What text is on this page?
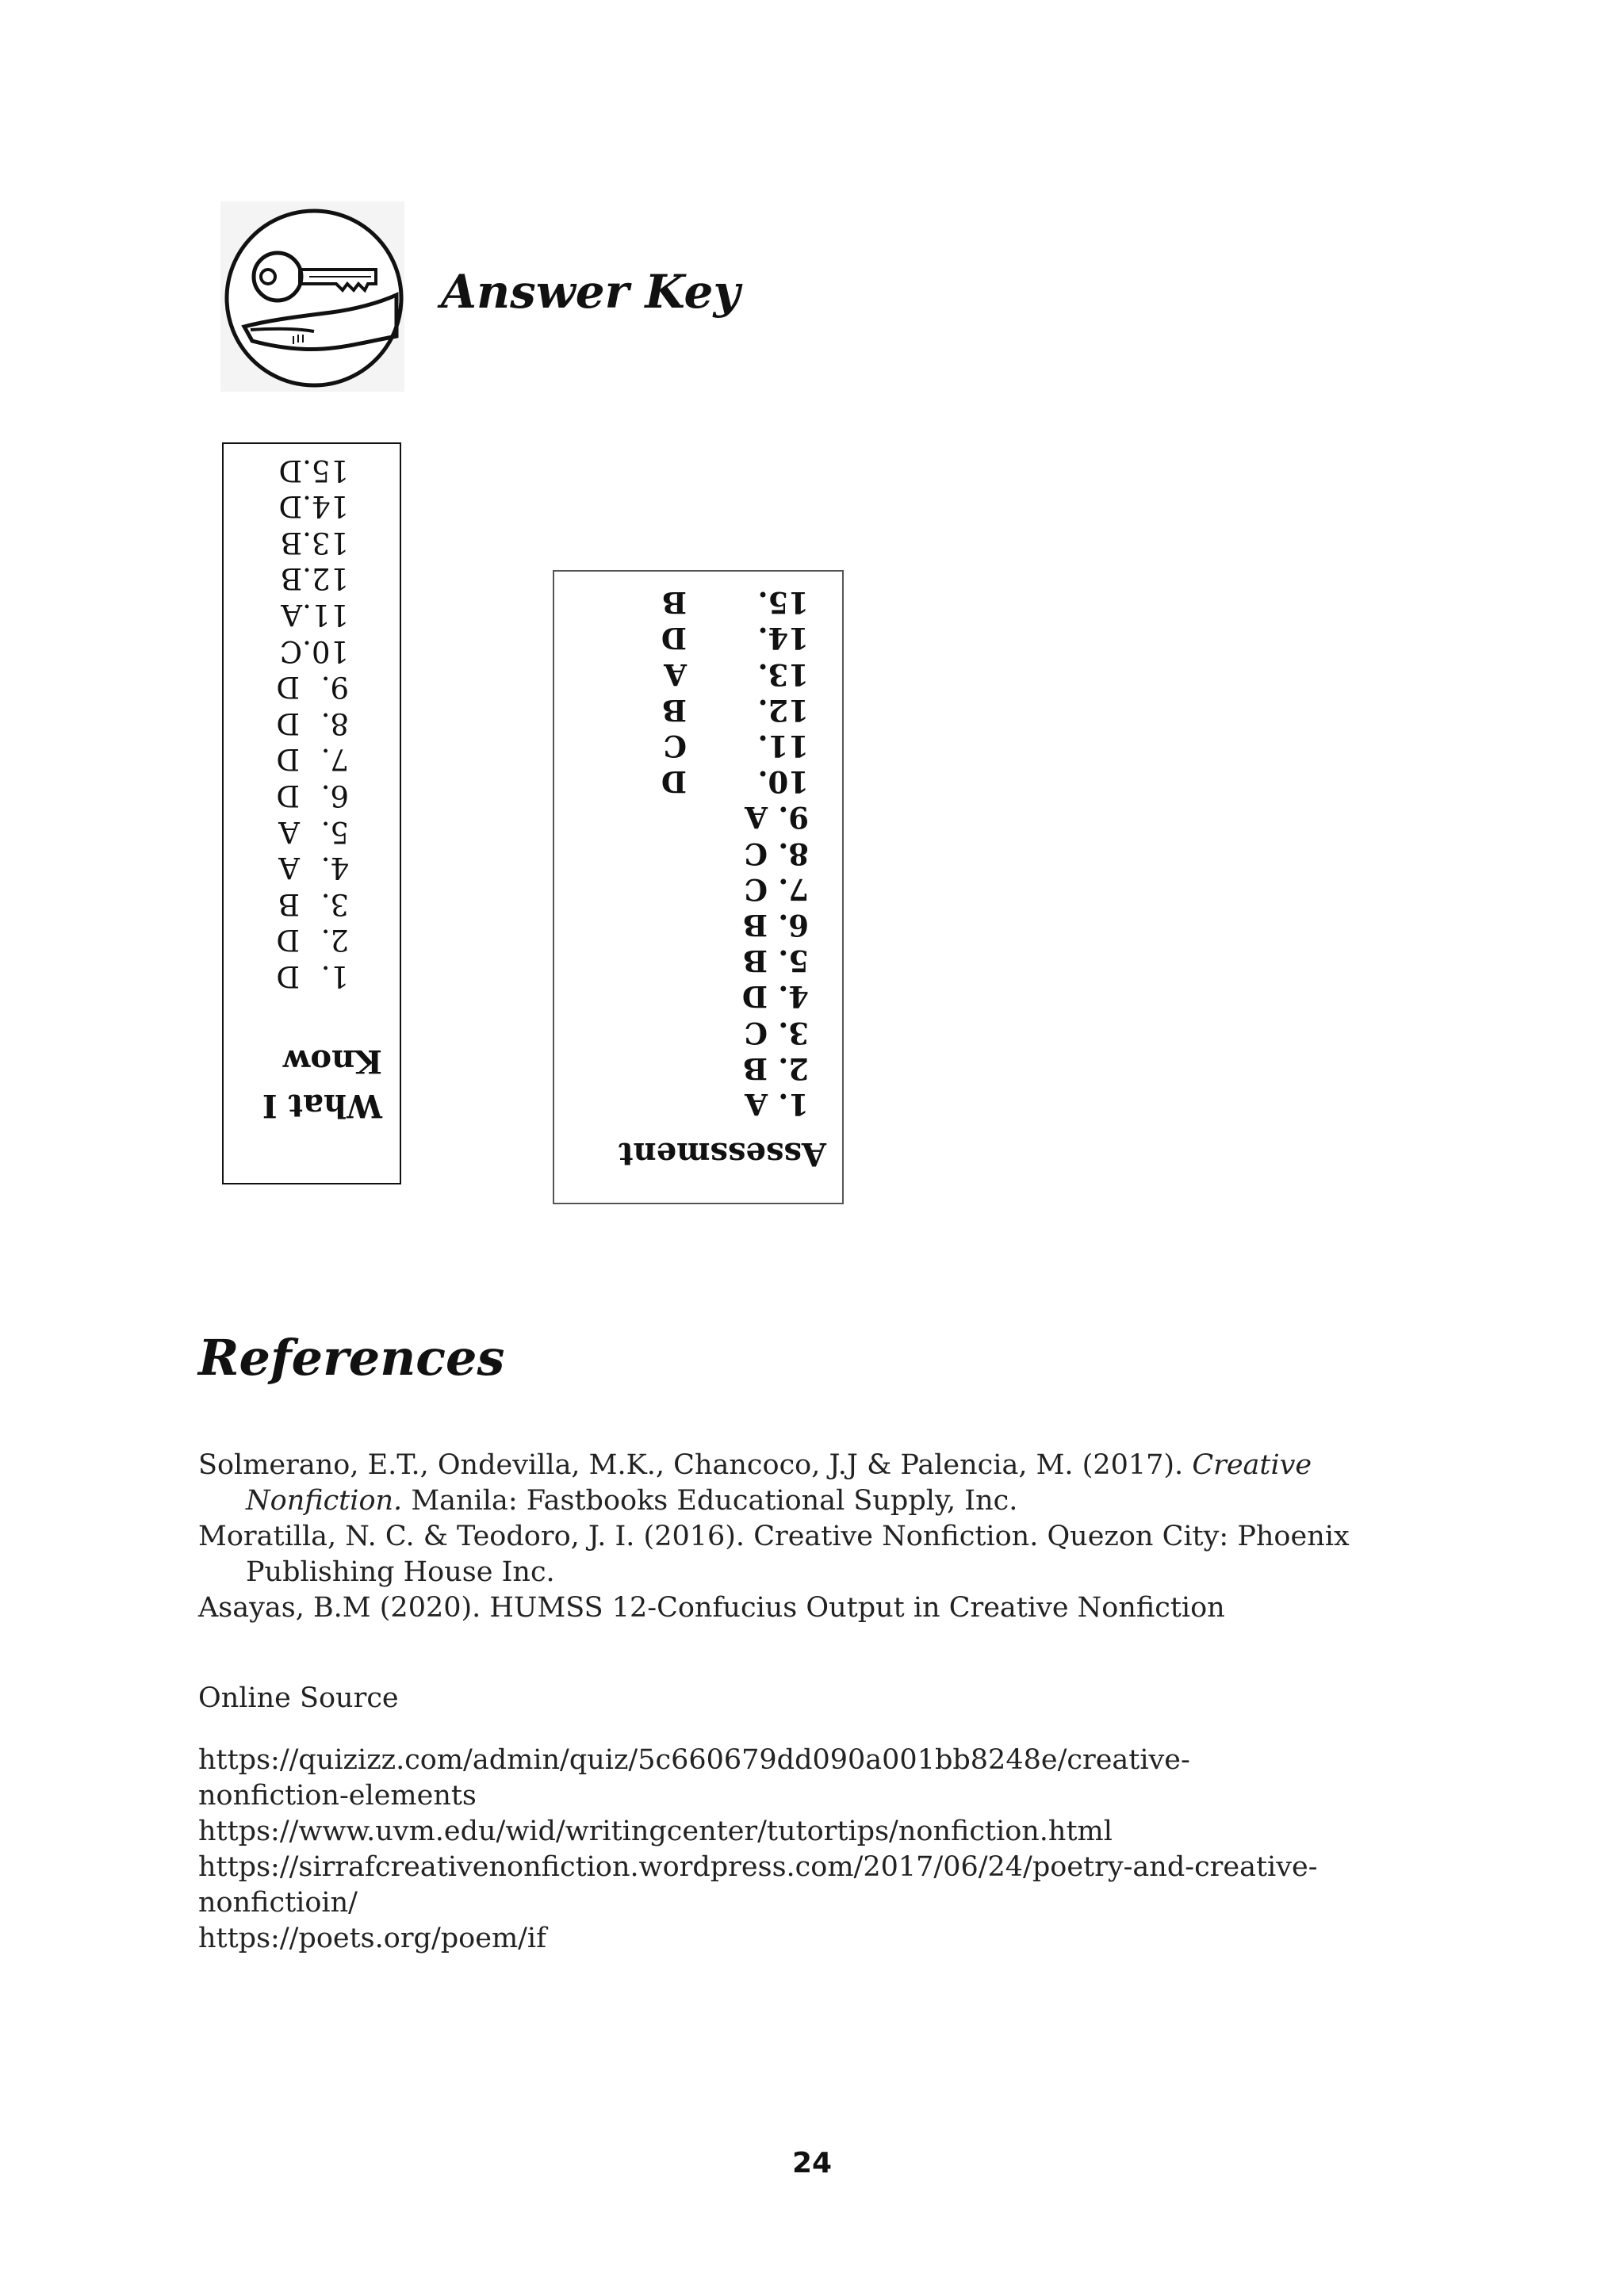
Answer Key
What I
Know
1.D
2.D
3.B
4.A
5.A
6.D
7.D
8.D
9.D
10.C
11.A
12.B
13.B
14.D
15.D
Assessment
1.A
2.B
3.C
4.D
5.B
6.B
7.C
8.C
9.A
10.D
11.C
12.B
13.A
14.D
15.B
References

Solmerano, E.T., Ondevilla, M.K., Chancoco, J.J & Palencia, M. (2017). Creative Nonfiction. Manila: Fastbooks Educational Supply, Inc.

Moratilla, N. C. & Teodoro, J. I. (2016). Creative Nonfiction. Quezon City: Phoenix Publishing House Inc.

Asayas, B.M (2020). HUMSS 12-Confucius Output in Creative Nonfiction

Online Source

https://quizizz.com/admin/quiz/5c660679dd090a001bb8248e/creative-

nonfiction-elements

https://www.uvm.edu/wid/writingcenter/tutortips/nonfiction.html

https://sirrafcreativenonfiction.wordpress.com/2017/06/24/poetry-and-creative-

nonfictioin/

https://poets.org/poem/if

24
